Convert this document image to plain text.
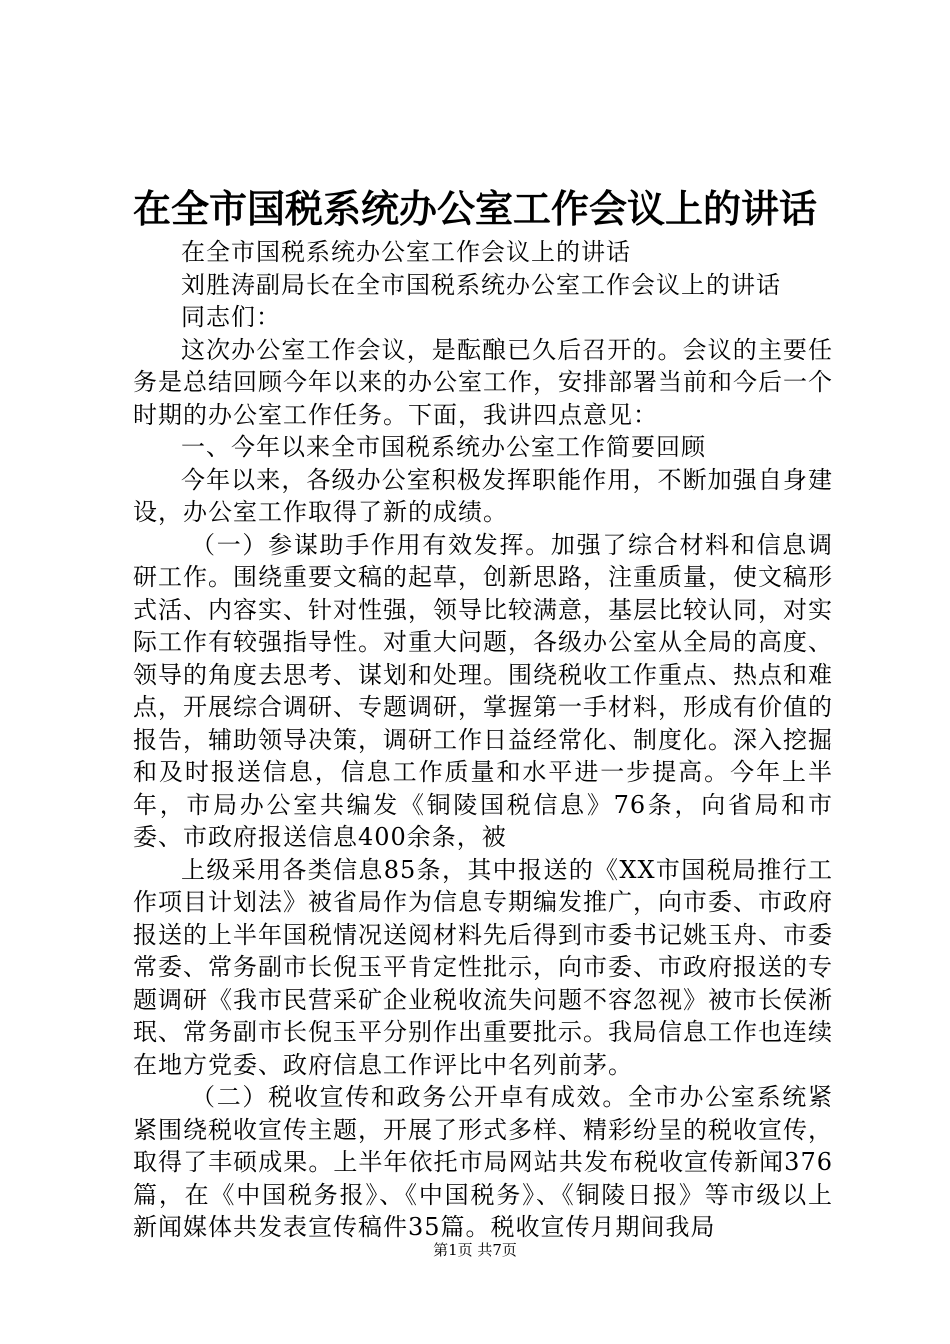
在全市国税系统办公室工作会议上的讲话

在全市国税系统办公室工作会议上的讲话

刘胜涛副局长在全市国税系统办公室工作会议上的讲话

同志们：

这次办公室工作会议，是酝酿已久后召开的。会议的主要任务是总结回顾今年以来的办公室工作，安排部署当前和今后一个时期的办公室工作任务。下面，我讲四点意见：

一、今年以来全市国税系统办公室工作简要回顾

今年以来，各级办公室积极发挥职能作用，不断加强自身建设，办公室工作取得了新的成绩。

（一）参谋助手作用有效发挥。加强了综合材料和信息调研工作。围绕重要文稿的起草，创新思路，注重质量，使文稿形式活、内容实、针对性强，领导比较满意，基层比较认同，对实际工作有较强指导性。对重大问题，各级办公室从全局的高度、领导的角度去思考、谋划和处理。围绕税收工作重点、热点和难点，开展综合调研、专题调研，掌握第一手材料，形成有价值的报告，辅助领导决策，调研工作日益经常化、制度化。深入挖掘和及时报送信息，信息工作质量和水平进一步提高。今年上半年，市局办公室共编发《铜陵国税信息》76条，向省局和市委、市政府报送信息400余条，被

上级采用各类信息85条，其中报送的《XX市国税局推行工作项目计划法》被省局作为信息专期编发推广，向市委、市政府报送的上半年国税情况送阅材料先后得到市委书记姚玉舟、市委常委、常务副市长倪玉平肯定性批示，向市委、市政府报送的专题调研《我市民营采矿企业税收流失问题不容忽视》被市长侯淅珉、常务副市长倪玉平分别作出重要批示。我局信息工作也连续在地方党委、政府信息工作评比中名列前茅。

（二）税收宣传和政务公开卓有成效。全市办公室系统紧紧围绕税收宣传主题，开展了形式多样、精彩纷呈的税收宣传，取得了丰硕成果。上半年依托市局网站共发布税收宣传新闻376篇，在《中国税务报》、《中国税务》、《铜陵日报》等市级以上新闻媒体共发表宣传稿件35篇。税收宣传月期间我局

第1页 共7页
